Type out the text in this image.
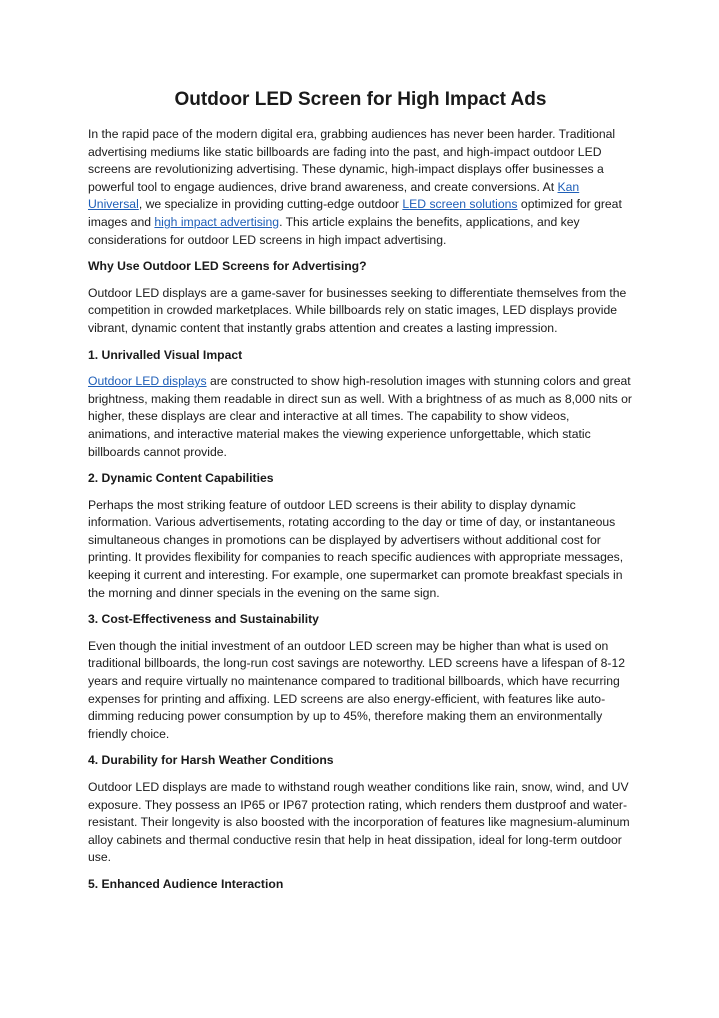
Outdoor LED Screen for High Impact Ads

In the rapid pace of the modern digital era, grabbing audiences has never been harder. Traditional advertising mediums like static billboards are fading into the past, and high-impact outdoor LED screens are revolutionizing advertising. These dynamic, high-impact displays offer businesses a powerful tool to engage audiences, drive brand awareness, and create conversions. At Kan Universal, we specialize in providing cutting-edge outdoor LED screen solutions optimized for great images and high impact advertising. This article explains the benefits, applications, and key considerations for outdoor LED screens in high impact advertising.

Why Use Outdoor LED Screens for Advertising?

Outdoor LED displays are a game-saver for businesses seeking to differentiate themselves from the competition in crowded marketplaces. While billboards rely on static images, LED displays provide vibrant, dynamic content that instantly grabs attention and creates a lasting impression.

1. Unrivalled Visual Impact

Outdoor LED displays are constructed to show high-resolution images with stunning colors and great brightness, making them readable in direct sun as well. With a brightness of as much as 8,000 nits or higher, these displays are clear and interactive at all times. The capability to show videos, animations, and interactive material makes the viewing experience unforgettable, which static billboards cannot provide.

2. Dynamic Content Capabilities

Perhaps the most striking feature of outdoor LED screens is their ability to display dynamic information. Various advertisements, rotating according to the day or time of day, or instantaneous simultaneous changes in promotions can be displayed by advertisers without additional cost for printing. It provides flexibility for companies to reach specific audiences with appropriate messages, keeping it current and interesting. For example, one supermarket can promote breakfast specials in the morning and dinner specials in the evening on the same sign.

3. Cost-Effectiveness and Sustainability

Even though the initial investment of an outdoor LED screen may be higher than what is used on traditional billboards, the long-run cost savings are noteworthy. LED screens have a lifespan of 8-12 years and require virtually no maintenance compared to traditional billboards, which have recurring expenses for printing and affixing. LED screens are also energy-efficient, with features like auto-dimming reducing power consumption by up to 45%, therefore making them an environmentally friendly choice.

4. Durability for Harsh Weather Conditions

Outdoor LED displays are made to withstand rough weather conditions like rain, snow, wind, and UV exposure. They possess an IP65 or IP67 protection rating, which renders them dustproof and water-resistant. Their longevity is also boosted with the incorporation of features like magnesium-aluminum alloy cabinets and thermal conductive resin that help in heat dissipation, ideal for long-term outdoor use.

5. Enhanced Audience Interaction
